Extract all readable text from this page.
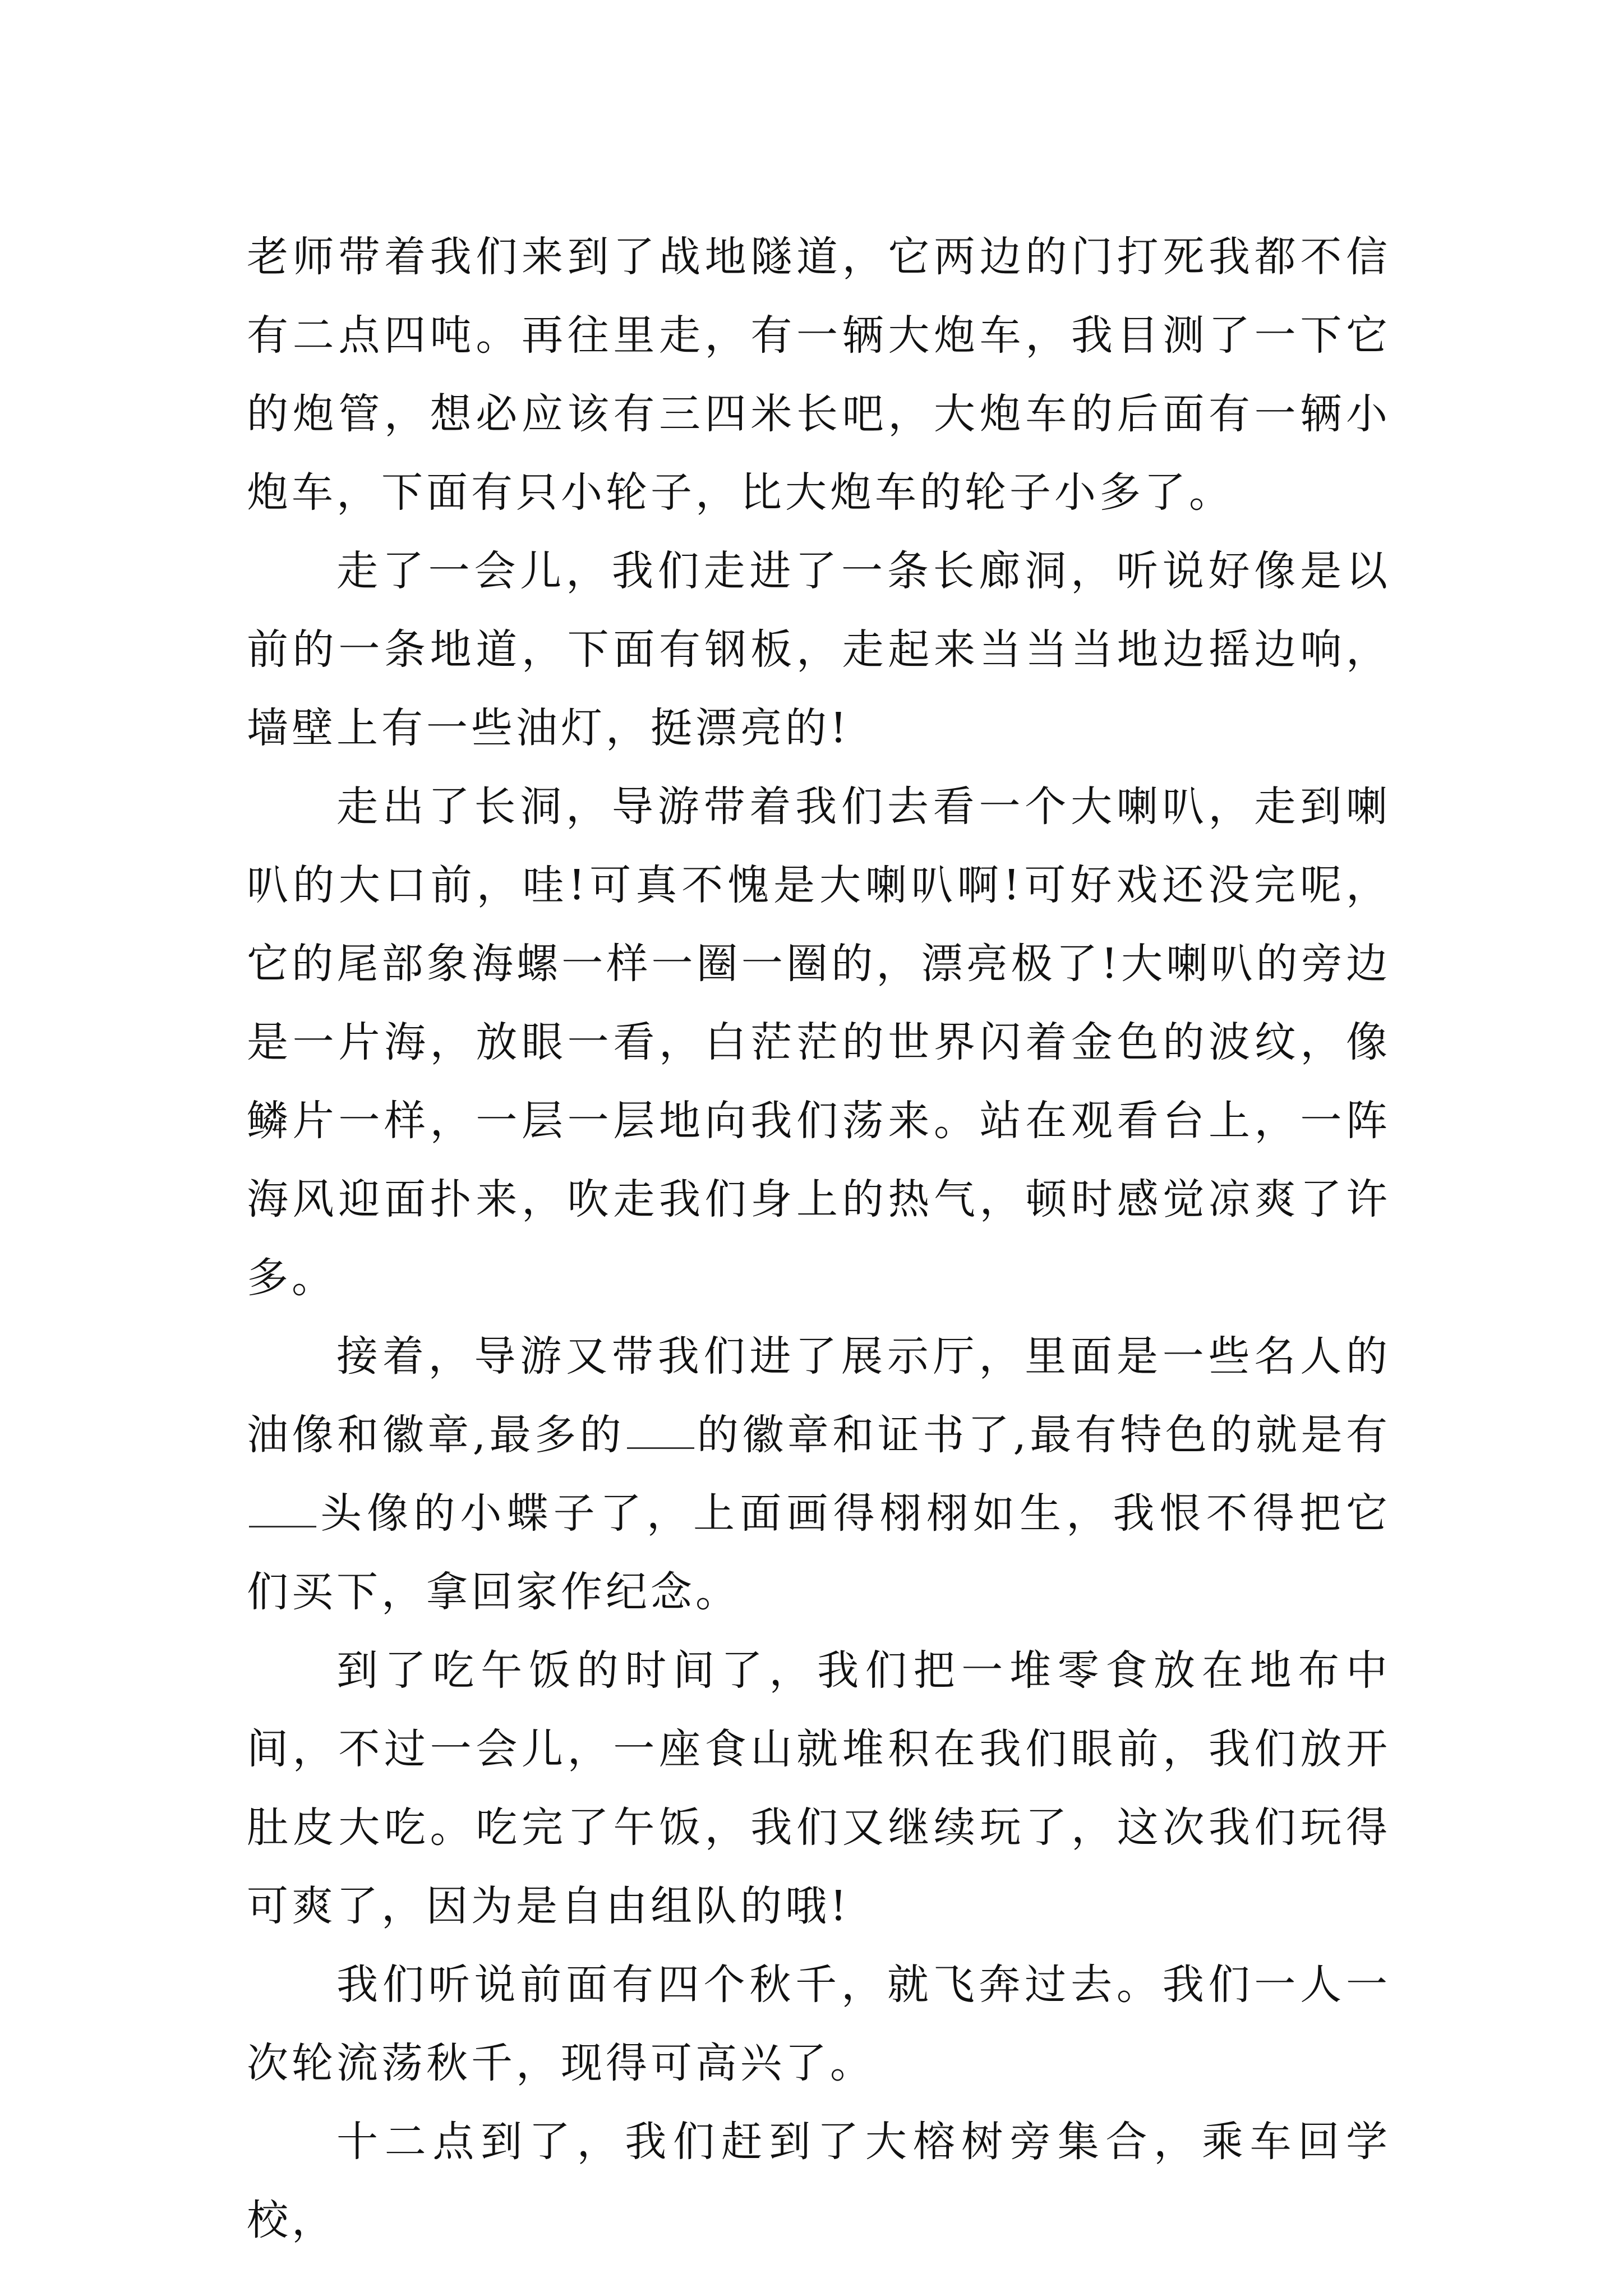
老师带着我们来到了战地隧道，它两边的门打死我都不信有二点四吨。再往里走，有一辆大炮车，我目测了一下它的炮管，想必应该有三四米长吧，大炮车的后面有一辆小炮车，下面有只小轮子，比大炮车的轮子小多了。

走了一会儿，我们走进了一条长廊洞，听说好像是以前的一条地道，下面有钢板，走起来当当当地边摇边响，墙壁上有一些油灯，挺漂亮的!

走出了长洞，导游带着我们去看一个大喇叭，走到喇叭的大口前，哇!可真不愧是大喇叭啊!可好戏还没完呢，它的尾部象海螺一样一圈一圈的，漂亮极了!大喇叭的旁边是一片海，放眼一看，白茫茫的世界闪着金色的波纹，像鳞片一样，一层一层地向我们荡来。站在观看台上，一阵海风迎面扑来，吹走我们身上的热气，顿时感觉凉爽了许多。

接着，导游又带我们进了展示厅，里面是一些名人的油像和徽章,最多的 的徽章和证书了,最有特色的就是有头像的小蝶子了，上面画得栩栩如生，我恨不得把它们买下，拿回家作纪念。

到了吃午饭的时间了，我们把一堆零食放在地布中间，不过一会儿，一座食山就堆积在我们眼前，我们放开肚皮大吃。吃完了午饭，我们又继续玩了，这次我们玩得可爽了，因为是自由组队的哦!

我们听说前面有四个秋千，就飞奔过去。我们一人一次轮流荡秋千，现得可高兴了。

十二点到了，我们赶到了大榕树旁集合，乘车回学校，
